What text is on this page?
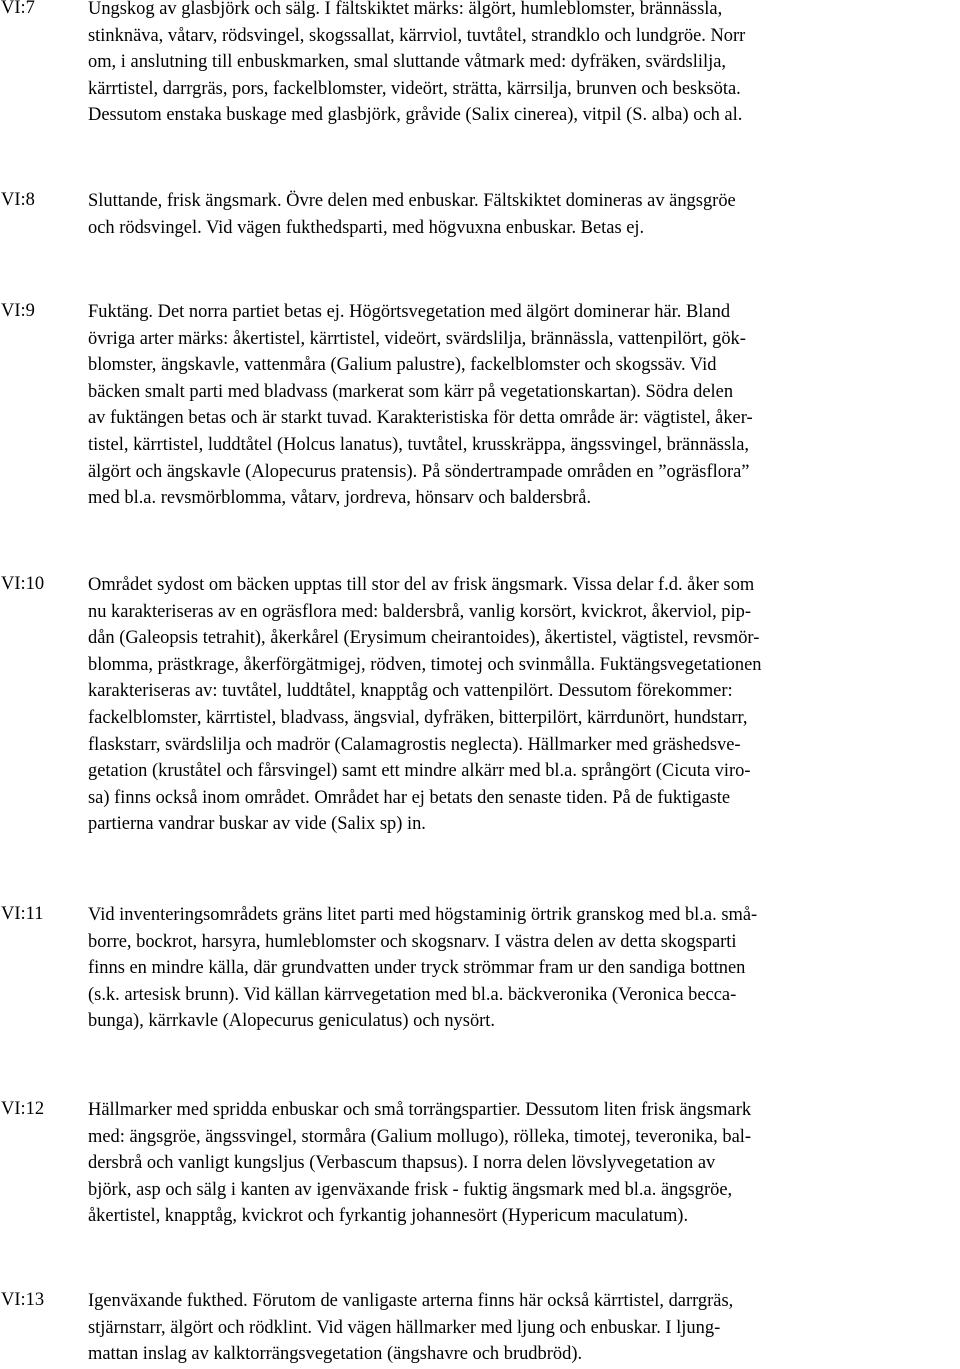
VI:7	Ungskog av glasbjörk och sälg. I fältskiktet märks: älgört, humleblomster, brännässla,
stinknäva, våtarv, rödsvingel, skogssallat, kärrviol, tuvtåtel, strandklo och lundgröe. Norr
om, i anslutning till enbuskmarken, smal sluttande våtmark med: dyfräken, svärdslilja,
kärrtistel, darrgräs, pors, fackelblomster, videört, strätta, kärrsilja, brunven och besksöta.
Dessutom enstaka buskage med glasbjörk, gråvide (Salix cinerea), vitpil (S. alba) och al.
VI:8	Sluttande, frisk ängsmark. Övre delen med enbuskar. Fältskiktet domineras av ängsgröe
och rödsvingel. Vid vägen fukthedsparti, med högvuxna enbuskar. Betas ej.
VI:9	Fuktäng. Det norra partiet betas ej. Högörtsvegetation med älgört dominerar här. Bland
övriga arter märks: åkertistel, kärrtistel, videört, svärdslilja, brännässla, vattenpilört, gök-
blomster, ängskavle, vattenmåra (Galium palustre), fackelblomster och skogssäv. Vid
bäcken smalt parti med bladvass (markerat som kärr på vegetationskartan). Södra delen
av fuktängen betas och är starkt tuvad. Karakteristiska för detta område är: vägtistel, åker-
tistel, kärrtistel, luddtåtel (Holcus lanatus), tuvtåtel, krusskräppa, ängssvingel, brännässla,
älgört och ängskavle (Alopecurus pratensis). På söndertrampade områden en ”ogräsflora”
med bl.a. revsmörblomma, våtarv, jordreva, hönsarv och baldersbrå.
VI:10 Området sydost om bäcken upptas till stor del av frisk ängsmark. Vissa delar f.d. åker som
nu karakteriseras av en ogräsflora med: baldersbrå, vanlig korsört, kvickrot, åkerviol, pip-
dån (Galeopsis tetrahit), åkerkårel (Erysimum cheirantoides), åkertistel, vägtistel, revsmör-
blomma, prästkrage, åkerförgätmigej, rödven, timotej och svinmålla. Fuktängsvegetationen
karakteriseras av: tuvtåtel, luddtåtel, knapptåg och vattenpilört. Dessutom förekommer:
fackelblomster, kärrtistel, bladvass, ängsvial, dyfräken, bitterpilört, kärrdunört, hundstarr,
flaskstarr, svärdslilja och madrör (Calamagrostis neglecta). Hällmarker med gräshedsve-
getation (kruståtel och fårsvingel) samt ett mindre alkärr med bl.a. språngört (Cicuta viro-
sa) finns också inom området. Området har ej betats den senaste tiden. På de fuktigaste
partierna vandrar buskar av vide (Salix sp) in.
VI:11 Vid inventeringsområdets gräns litet parti med högstaminig örtrik granskog med bl.a. små-
borre, bockrot, harsyra, humleblomster och skogsnarv. I västra delen av detta skogsparti
finns en mindre källa, där grundvatten under tryck strömmar fram ur den sandiga bottnen
(s.k. artesisk brunn). Vid källan kärrvegetation med bl.a. bäckveronika (Veronica becca-
bunga), kärrkavle (Alopecurus geniculatus) och nysört.
VI:12 Hällmarker med spridda enbuskar och små torrängspartier. Dessutom liten frisk ängsmark
med: ängsgröe, ängssvingel, stormåra (Galium mollugo), rölleka, timotej, teveronika, bal-
dersbrå och vanligt kungsljus (Verbascum thapsus). I norra delen lövslyvegetation av
björk, asp och sälg i kanten av igenväxande frisk - fuktig ängsmark med bl.a. ängsgröe,
åkertistel, knapptåg, kvickrot och fyrkantig johannesört (Hypericum maculatum).
VI:13 Igenväxande fukthed. Förutom de vanligaste arterna finns här också kärrtistel, darrgräs,
stjärnstarr, älgört och rödklint. Vid vägen hällmarker med ljung och enbuskar. I ljung-
mattan inslag av kalktorrängsvegetation (ängshavre och brudbröd).
